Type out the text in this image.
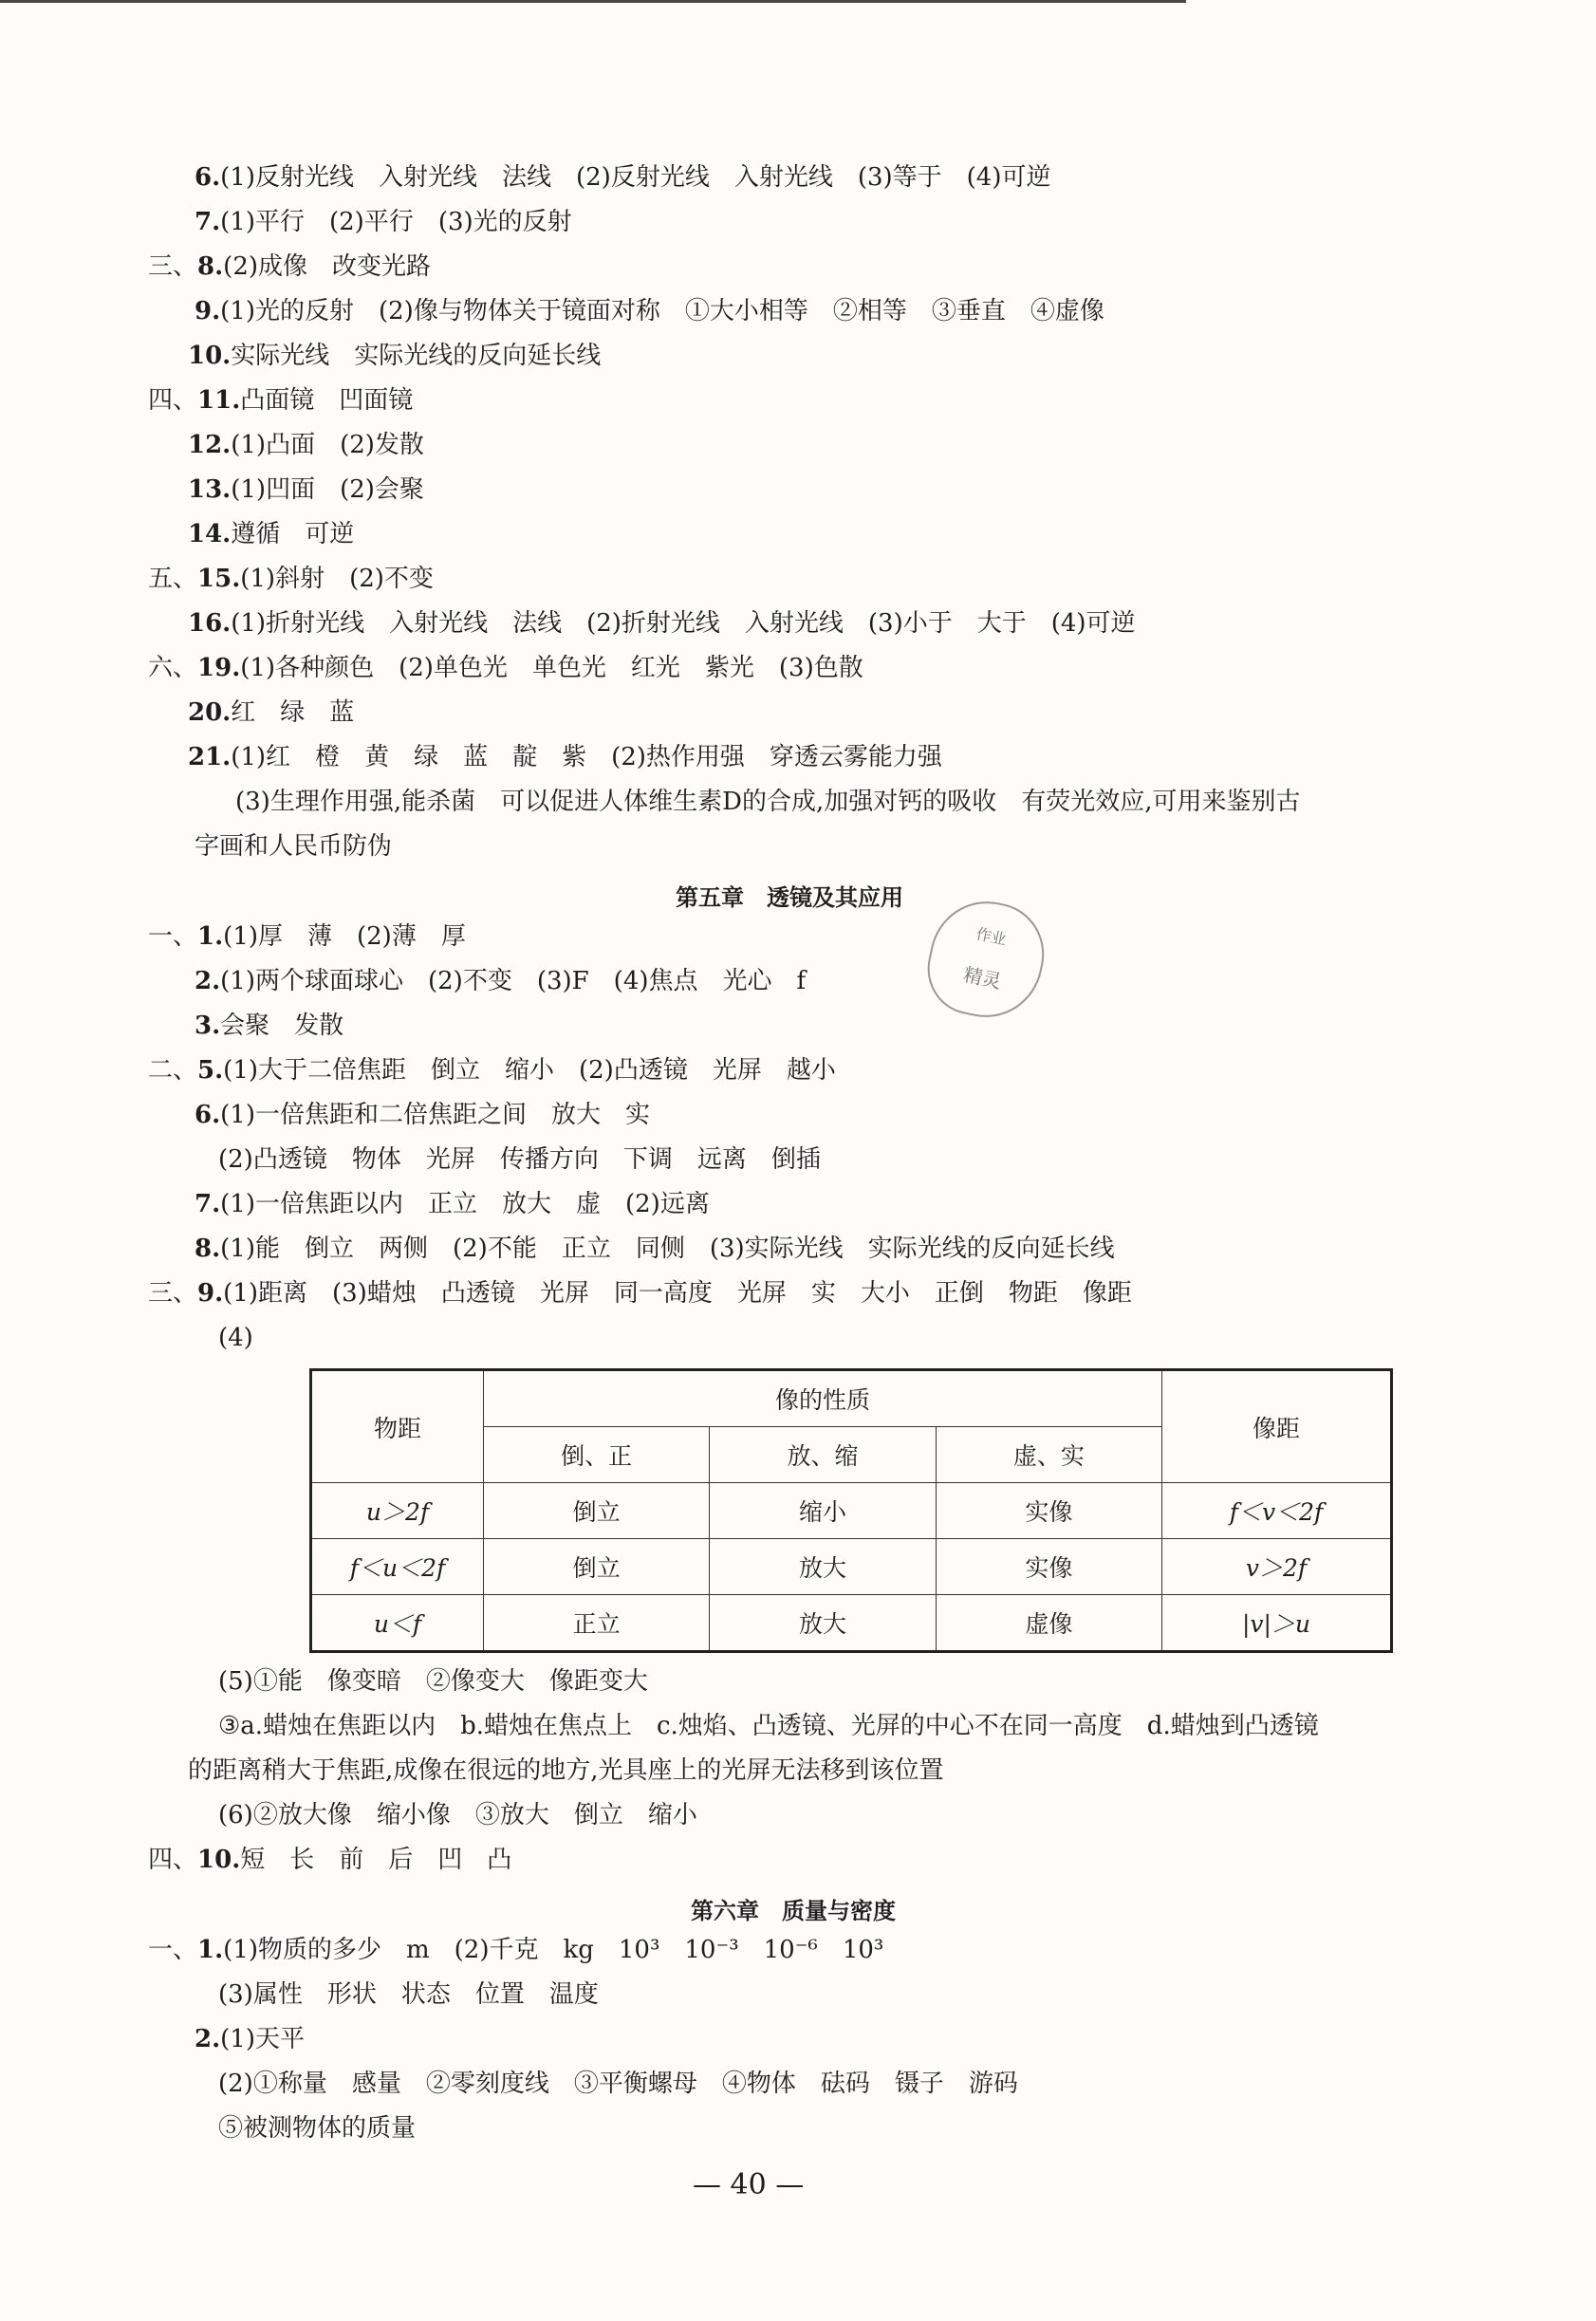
6.(1)反射光线　入射光线　法线　(2)反射光线　入射光线　(3)等于　(4)可逆
7.(1)平行　(2)平行　(3)光的反射
三、8.(2)成像　改变光路
9.(1)光的反射　(2)像与物体关于镜面对称　①大小相等　②相等　③垂直　④虚像
10.实际光线　实际光线的反向延长线
四、11.凸面镜　凹面镜
12.(1)凸面　(2)发散
13.(1)凹面　(2)会聚
14.遵循　可逆
五、15.(1)斜射　(2)不变
16.(1)折射光线　入射光线　法线　(2)折射光线　入射光线　(3)小于　大于　(4)可逆
六、19.(1)各种颜色　(2)单色光　单色光　红光　紫光　(3)色散
20.红　绿　蓝
21.(1)红　橙　黄　绿　蓝　靛　紫　(2)热作用强　穿透云雾能力强
(3)生理作用强,能杀菌　可以促进人体维生素D的合成,加强对钙的吸收　有荧光效应,可用来鉴别古
字画和人民币防伪
第五章　透镜及其应用
作业
精灵
一、1.(1)厚　薄　(2)薄　厚
2.(1)两个球面球心　(2)不变　(3)F　(4)焦点　光心　f
3.会聚　发散
二、5.(1)大于二倍焦距　倒立　缩小　(2)凸透镜　光屏　越小
6.(1)一倍焦距和二倍焦距之间　放大　实
(2)凸透镜　物体　光屏　传播方向　下调　远离　倒插
7.(1)一倍焦距以内　正立　放大　虚　(2)远离
8.(1)能　倒立　两侧　(2)不能　正立　同侧　(3)实际光线　实际光线的反向延长线
三、9.(1)距离　(3)蜡烛　凸透镜　光屏　同一高度　光屏　实　大小　正倒　物距　像距
(4)
物距	像的性质			像距
	倒、正	放、缩	虚、实	
u＞2f	倒立	缩小	实像	f＜v＜2f
f＜u＜2f	倒立	放大	实像	v＞2f
u＜f	正立	放大	虚像	|v|＞u
(5)①能　像变暗　②像变大　像距变大
③a.蜡烛在焦距以内　b.蜡烛在焦点上　c.烛焰、凸透镜、光屏的中心不在同一高度　d.蜡烛到凸透镜
的距离稍大于焦距,成像在很远的地方,光具座上的光屏无法移到该位置
(6)②放大像　缩小像　③放大　倒立　缩小
四、10.短　长　前　后　凹　凸
第六章　质量与密度
一、1.(1)物质的多少　m　(2)千克　kg　10³　10⁻³　10⁻⁶　10³
(3)属性　形状　状态　位置　温度
2.(1)天平
(2)①称量　感量　②零刻度线　③平衡螺母　④物体　砝码　镊子　游码
⑤被测物体的质量
— 40 —
